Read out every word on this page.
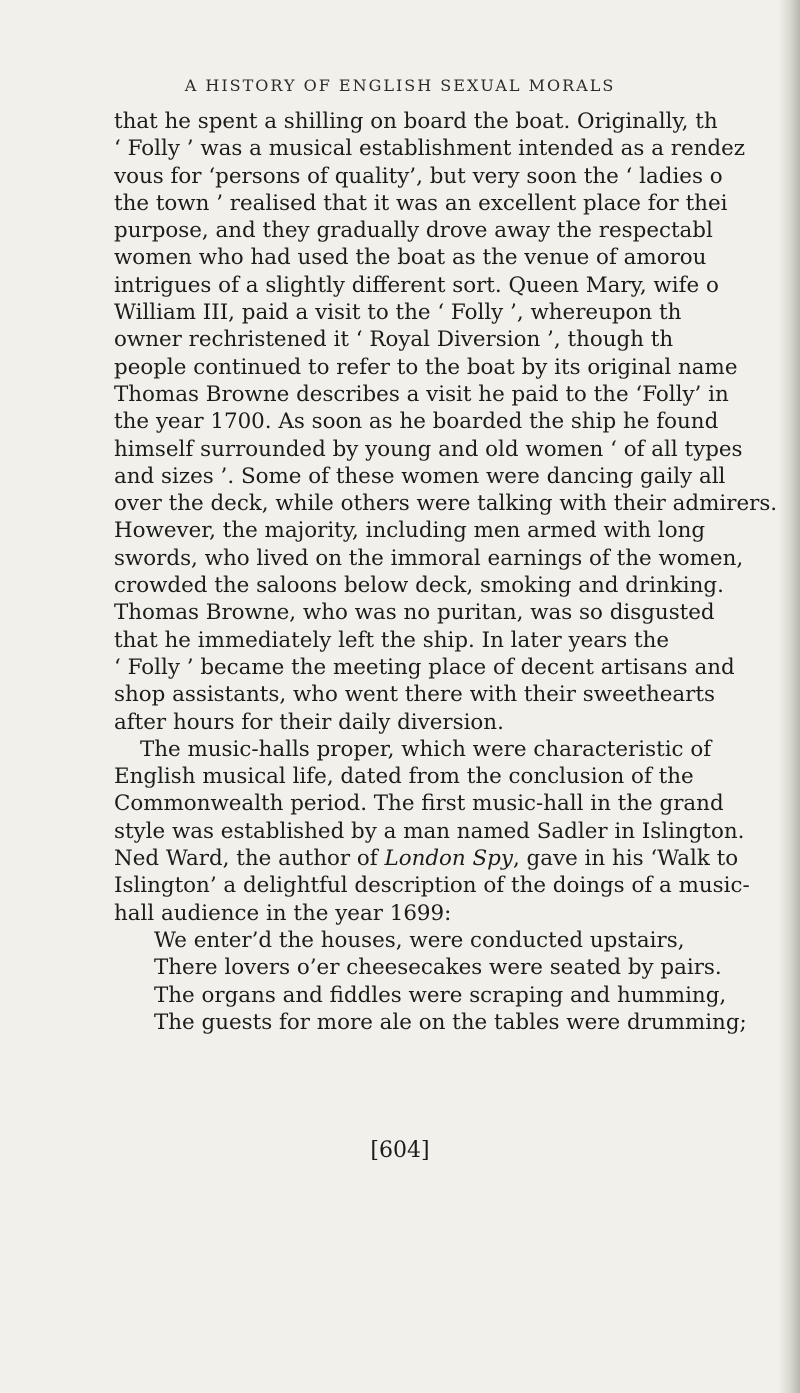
A HISTORY OF ENGLISH SEXUAL MORALS
that he spent a shilling on board the boat. Originally, th
‘ Folly ’ was a musical establishment intended as a rendez
vous for ‘persons of quality’, but very soon the ‘ ladies o
the town ’ realised that it was an excellent place for thei
purpose, and they gradually drove away the respectabl
women who had used the boat as the venue of amorou
intrigues of a slightly different sort. Queen Mary, wife o
William III, paid a visit to the ‘ Folly ’, whereupon th
owner rechristened it ‘ Royal Diversion ’, though th
people continued to refer to the boat by its original name
Thomas Browne describes a visit he paid to the ‘Folly’ in
the year 1700. As soon as he boarded the ship he found
himself surrounded by young and old women ‘ of all types
and sizes ’. Some of these women were dancing gaily all
over the deck, while others were talking with their admirers.
However, the majority, including men armed with long
swords, who lived on the immoral earnings of the women,
crowded the saloons below deck, smoking and drinking.
Thomas Browne, who was no puritan, was so disgusted
that he immediately left the ship. In later years the
‘ Folly ’ became the meeting place of decent artisans and
shop assistants, who went there with their sweethearts
after hours for their daily diversion.
The music-halls proper, which were characteristic of
English musical life, dated from the conclusion of the
Commonwealth period. The first music-hall in the grand
style was established by a man named Sadler in Islington.
Ned Ward, the author of London Spy, gave in his ‘Walk to
Islington’ a delightful description of the doings of a music-
hall audience in the year 1699:
We enter’d the houses, were conducted upstairs,
There lovers o’er cheesecakes were seated by pairs.
The organs and fiddles were scraping and humming,
The guests for more ale on the tables were drumming;
[604]
